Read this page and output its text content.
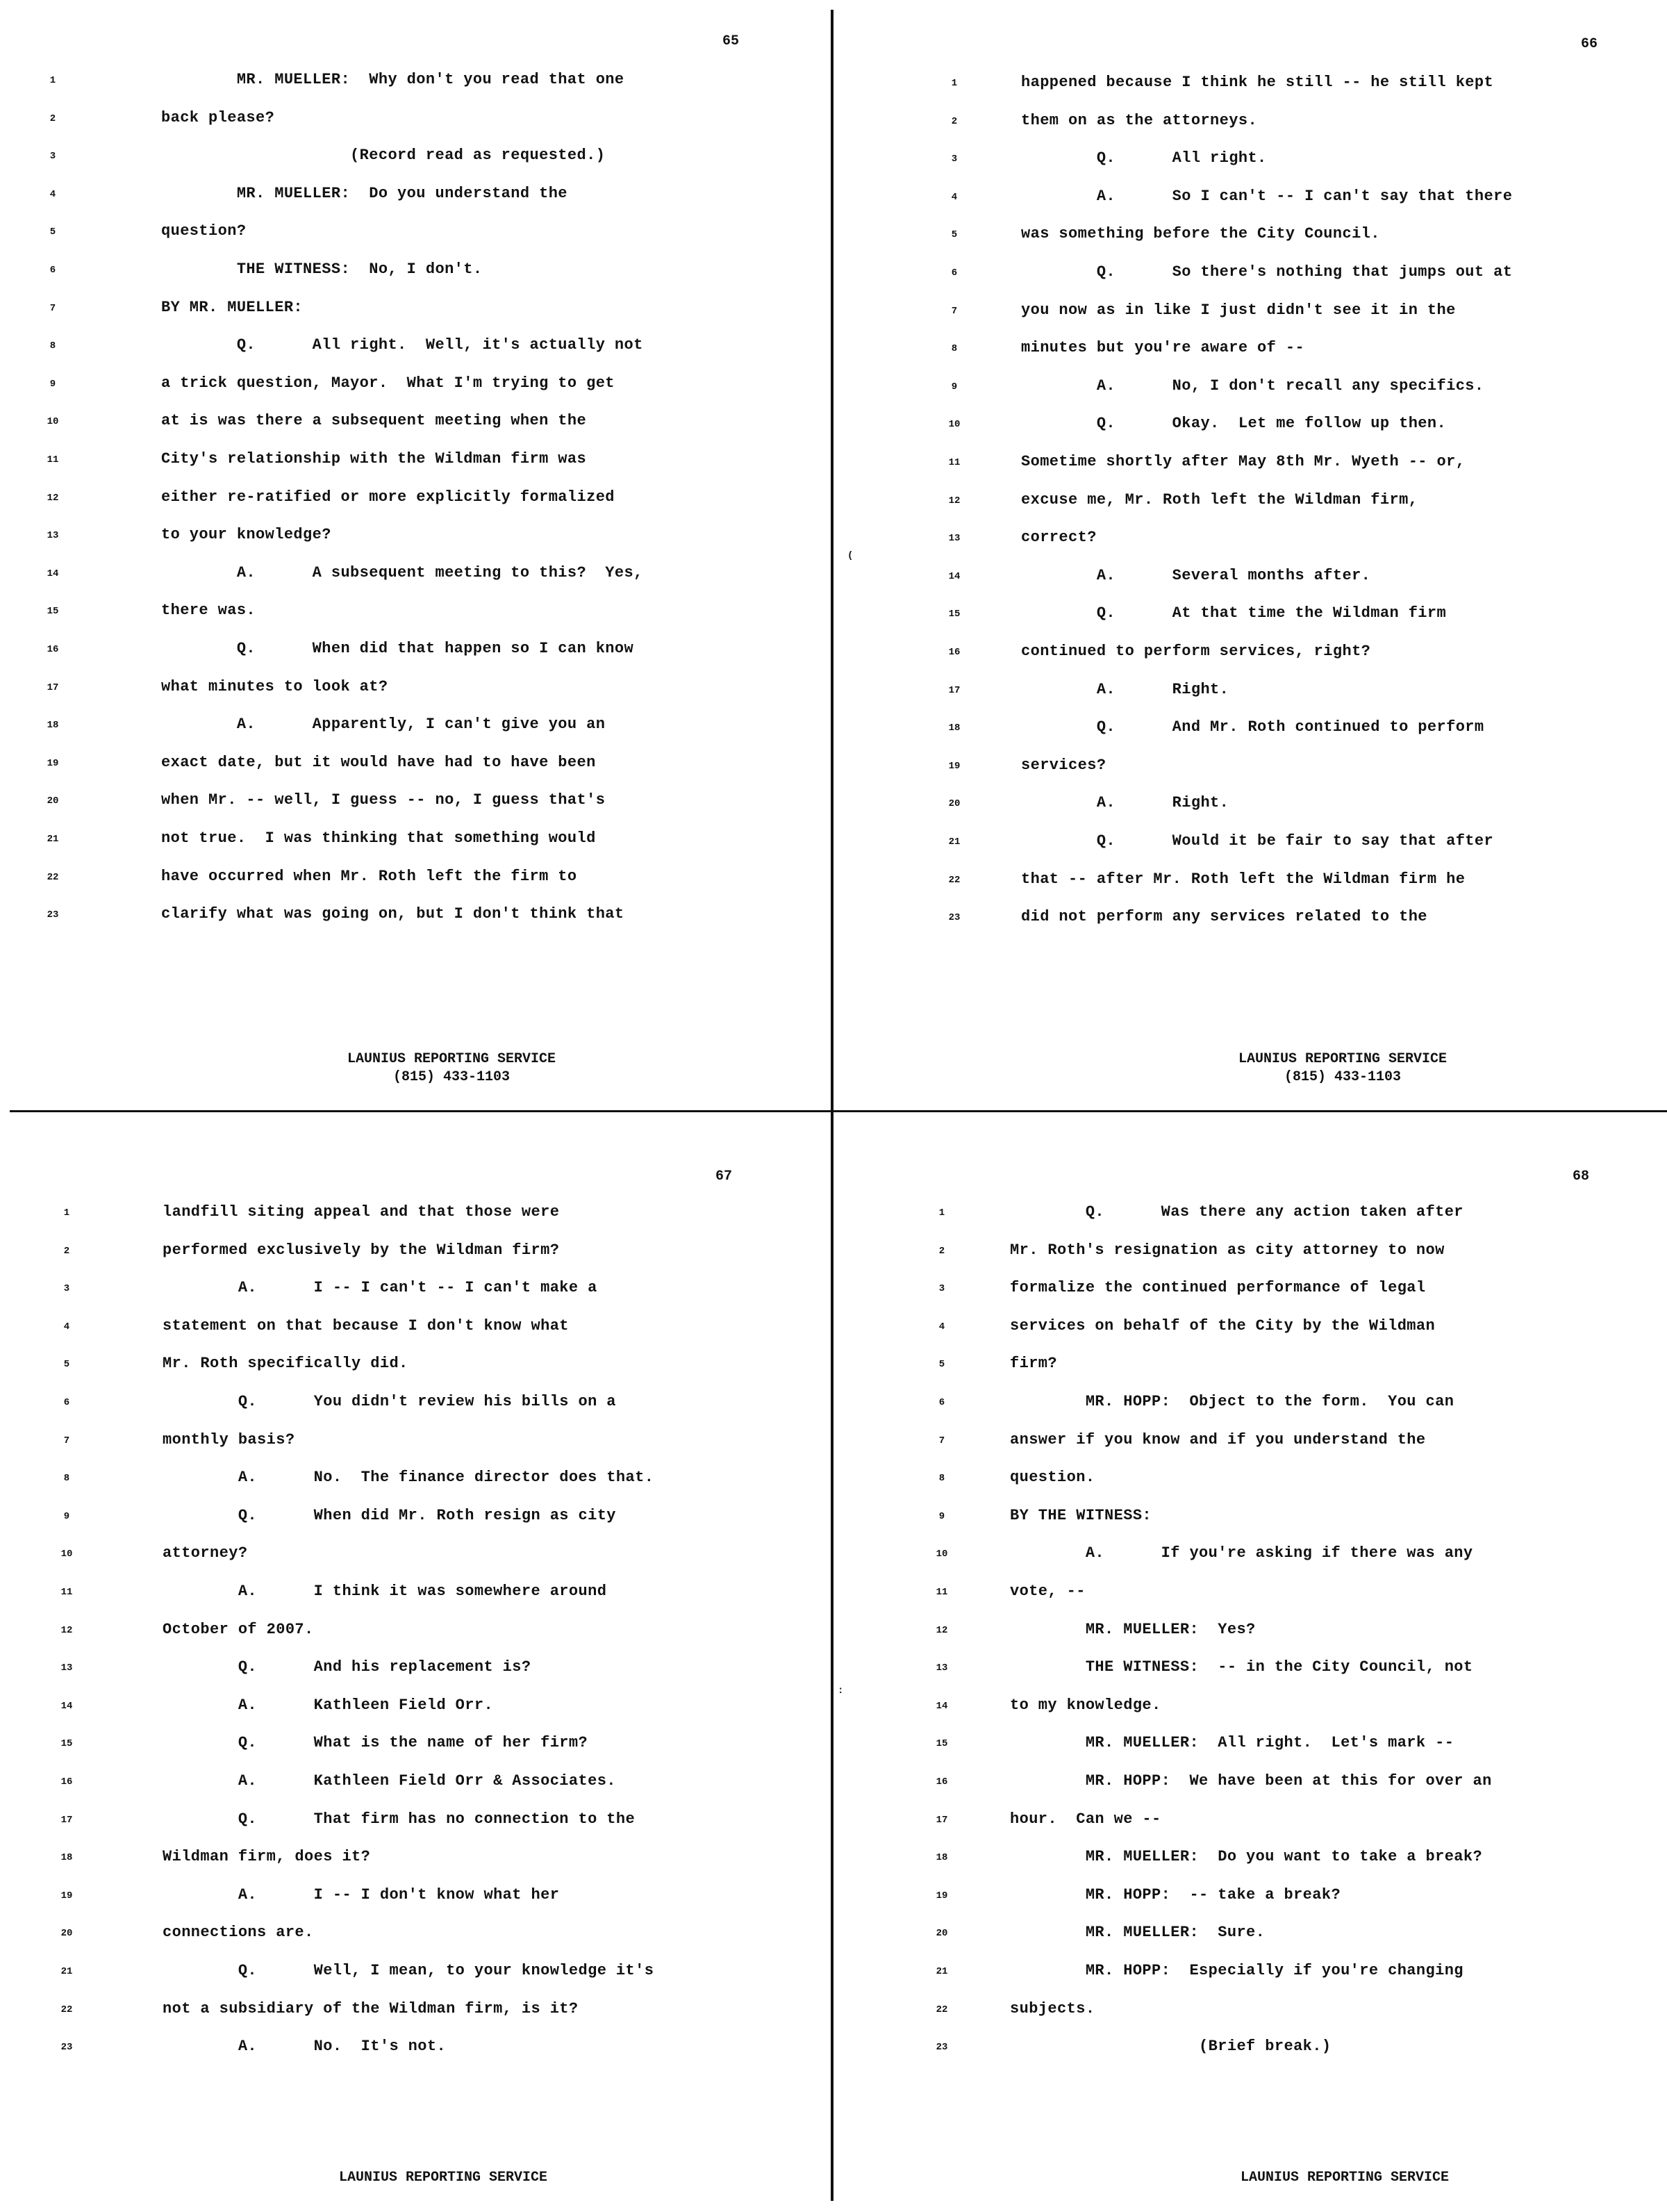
(
:
65
1	MR. MUELLER:  Why don't you read that one
2	back please?
3	(Record read as requested.)
4	MR. MUELLER:  Do you understand the
5	question?
6	THE WITNESS:  No, I don't.
7	BY MR. MUELLER:
8	Q.      All right.  Well, it's actually not
9	a trick question, Mayor.  What I'm trying to get
10	at is was there a subsequent meeting when the
11	City's relationship with the Wildman firm was
12	either re-ratified or more explicitly formalized
13	to your knowledge?
14	A.      A subsequent meeting to this?  Yes,
15	there was.
16	Q.      When did that happen so I can know
17	what minutes to look at?
18	A.      Apparently, I can't give you an
19	exact date, but it would have had to have been
20	when Mr. -- well, I guess -- no, I guess that's
21	not true.  I was thinking that something would
22	have occurred when Mr. Roth left the firm to
23	clarify what was going on, but I don't think that
LAUNIUS REPORTING SERVICE
(815) 433-1103
66
1	happened because I think he still -- he still kept
2	them on as the attorneys.
3	Q.      All right.
4	A.      So I can't -- I can't say that there
5	was something before the City Council.
6	Q.      So there's nothing that jumps out at
7	you now as in like I just didn't see it in the
8	minutes but you're aware of --
9	A.      No, I don't recall any specifics.
10	Q.      Okay.  Let me follow up then.
11	Sometime shortly after May 8th Mr. Wyeth -- or,
12	excuse me, Mr. Roth left the Wildman firm,
13	correct?
14	A.      Several months after.
15	Q.      At that time the Wildman firm
16	continued to perform services, right?
17	A.      Right.
18	Q.      And Mr. Roth continued to perform
19	services?
20	A.      Right.
21	Q.      Would it be fair to say that after
22	that -- after Mr. Roth left the Wildman firm he
23	did not perform any services related to the
LAUNIUS REPORTING SERVICE
(815) 433-1103
67
1	landfill siting appeal and that those were
2	performed exclusively by the Wildman firm?
3	A.      I -- I can't -- I can't make a
4	statement on that because I don't know what
5	Mr. Roth specifically did.
6	Q.      You didn't review his bills on a
7	monthly basis?
8	A.      No.  The finance director does that.
9	Q.      When did Mr. Roth resign as city
10	attorney?
11	A.      I think it was somewhere around
12	October of 2007.
13	Q.      And his replacement is?
14	A.      Kathleen Field Orr.
15	Q.      What is the name of her firm?
16	A.      Kathleen Field Orr & Associates.
17	Q.      That firm has no connection to the
18	Wildman firm, does it?
19	A.      I -- I don't know what her
20	connections are.
21	Q.      Well, I mean, to your knowledge it's
22	not a subsidiary of the Wildman firm, is it?
23	A.      No.  It's not.
LAUNIUS REPORTING SERVICE
68
1	Q.      Was there any action taken after
2	Mr. Roth's resignation as city attorney to now
3	formalize the continued performance of legal
4	services on behalf of the City by the Wildman
5	firm?
6	MR. HOPP:  Object to the form.  You can
7	answer if you know and if you understand the
8	question.
9	BY THE WITNESS:
10	A.      If you're asking if there was any
11	vote, --
12	MR. MUELLER:  Yes?
13	THE WITNESS:  -- in the City Council, not
14	to my knowledge.
15	MR. MUELLER:  All right.  Let's mark --
16	MR. HOPP:  We have been at this for over an
17	hour.  Can we --
18	MR. MUELLER:  Do you want to take a break?
19	MR. HOPP:  -- take a break?
20	MR. MUELLER:  Sure.
21	MR. HOPP:  Especially if you're changing
22	subjects.
23	(Brief break.)
LAUNIUS REPORTING SERVICE
